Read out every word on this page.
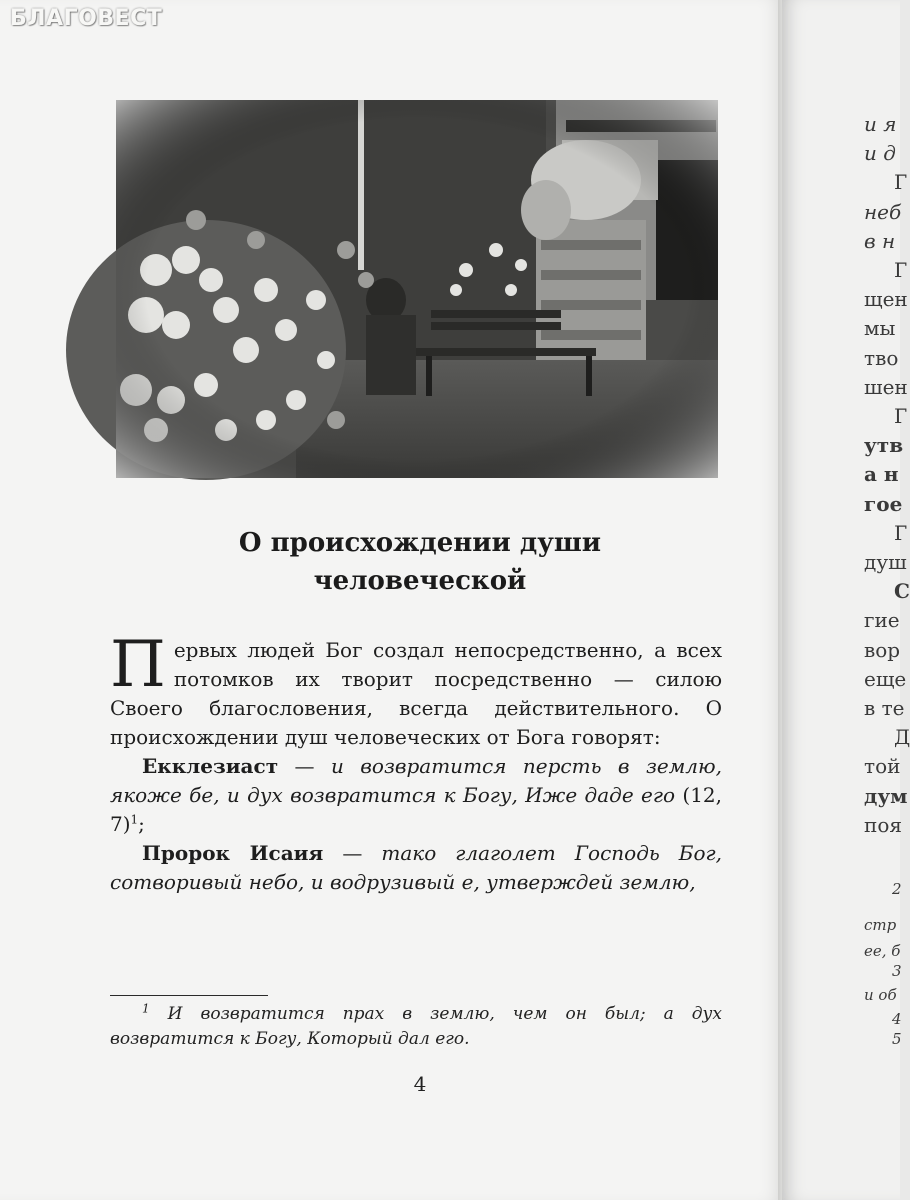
БЛАГОВЕСТ
О происхождении души
человеческой

Первых людей Бог создал непосредственно, а всех потомков их творит посредственно — силою Своего благословения, всегда действительного. О происхождении душ человеческих от Бога говорят:

Екклезиаст — и возвратится персть в землю, якоже бе, и дух возвратится к Богу, Иже даде его (12, 7)$^1$;

Пророк Исаия — тако глаголет Господь Бог, сотворивый небо, и водрузивый е, утверждей землю,

$^1$ И возвратится прах в землю, чем он был; а дух возвратится к Богу, Который дал его.
4
и я
и д
Г
неб
в н
Г
щен
мы
тво
шен
Г
утв
а н
гое
Г
душ
С
гие
вор
еще
в те
Д
той
дум
поя
2
стр
ее, б
3
и об
4
5
